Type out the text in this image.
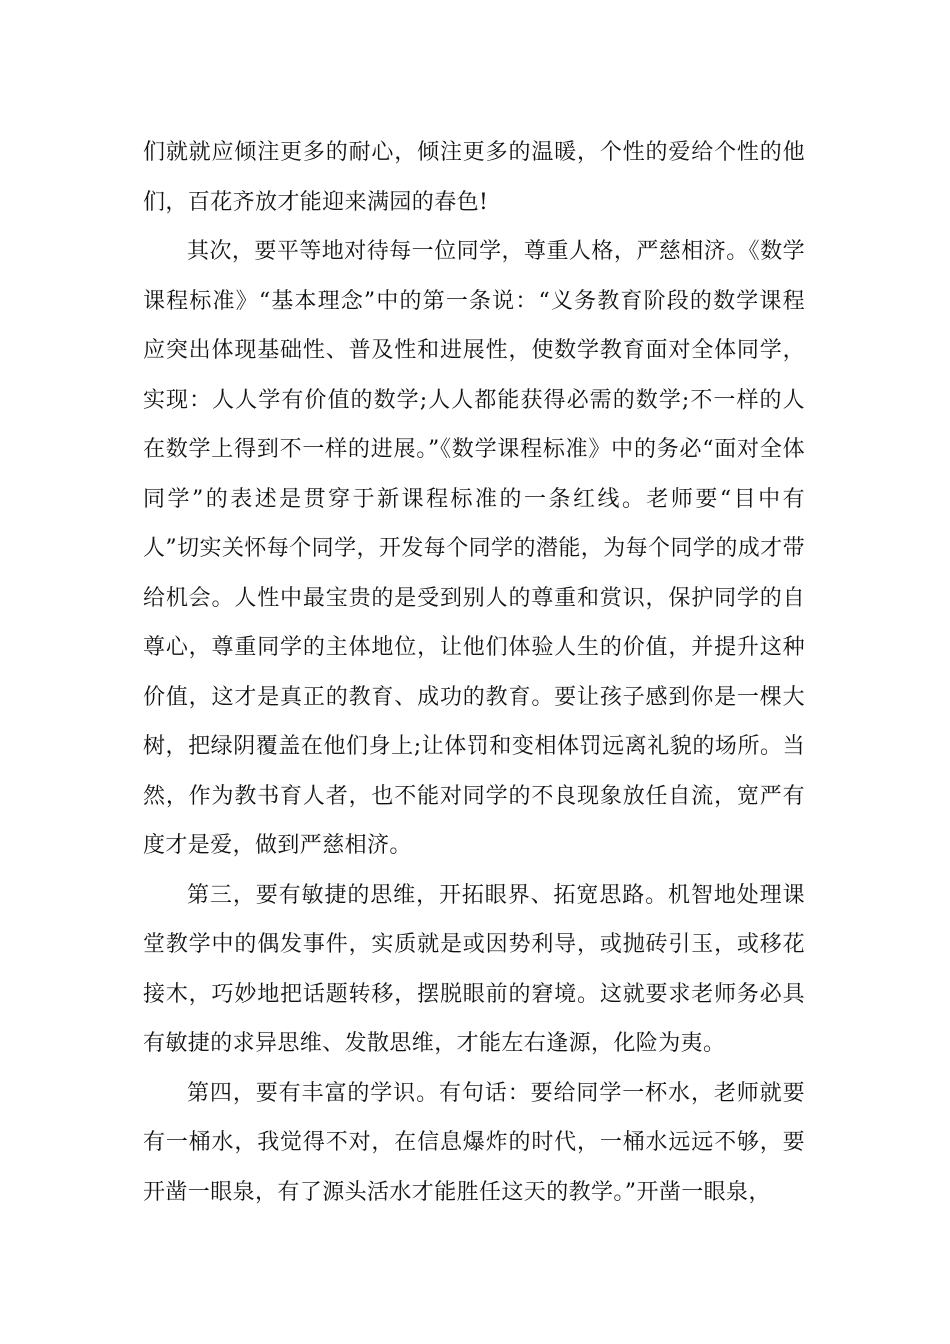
们就就应倾注更多的耐心，倾注更多的温暖，个性的爱给个性的他们，百花齐放才能迎来满园的春色!

其次，要平等地对待每一位同学，尊重人格，严慈相济。《数学课程标准》“基本理念”中的第一条说：“义务教育阶段的数学课程应突出体现基础性、普及性和进展性，使数学教育面对全体同学，实现：人人学有价值的数学;人人都能获得必需的数学;不一样的人在数学上得到不一样的进展。”《数学课程标准》中的务必“面对全体同学”的表述是贯穿于新课程标准的一条红线。老师要“目中有人”切实关怀每个同学，开发每个同学的潜能，为每个同学的成才带给机会。人性中最宝贵的是受到别人的尊重和赏识，保护同学的自尊心，尊重同学的主体地位，让他们体验人生的价值，并提升这种价值，这才是真正的教育、成功的教育。要让孩子感到你是一棵大树，把绿阴覆盖在他们身上;让体罚和变相体罚远离礼貌的场所。当然，作为教书育人者，也不能对同学的不良现象放任自流，宽严有度才是爱，做到严慈相济。

第三，要有敏捷的思维，开拓眼界、拓宽思路。机智地处理课堂教学中的偶发事件，实质就是或因势利导，或抛砖引玉，或移花接木，巧妙地把话题转移，摆脱眼前的窘境。这就要求老师务必具有敏捷的求异思维、发散思维，才能左右逢源，化险为夷。

第四，要有丰富的学识。有句话：要给同学一杯水，老师就要有一桶水，我觉得不对，在信息爆炸的时代，一桶水远远不够，要开凿一眼泉，有了源头活水才能胜任这天的教学。”开凿一眼泉，
